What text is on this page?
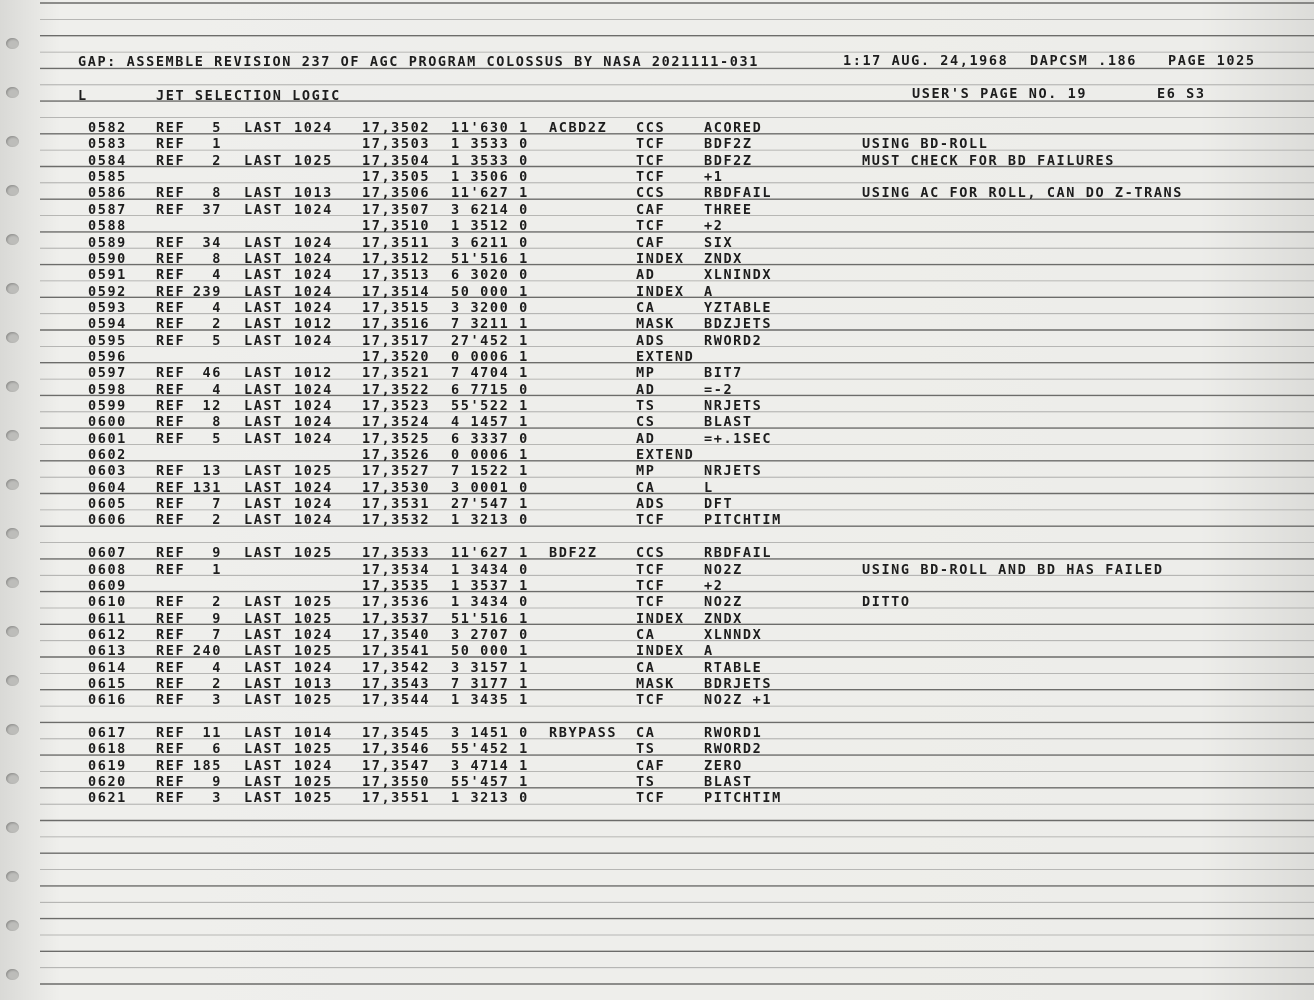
GAP: ASSEMBLE REVISION 237 OF AGC PROGRAM COLOSSUS BY NASA 2021111-031	1:17 AUG. 24,1968 DAPCSM .186 PAGE 1025
L	JET SELECTION LOGIC	USER'S PAGE NO. 19	E6 S3
0582 REF	5 LAST 1024 17,3502 11'630 1 ACBD2Z CCS	ACORED
0583 REF	1	17,3503 1 3533 0	TCF	BDF2Z	USING BD-ROLL
0584 REF	2 LAST 1025 17,3504 1 3533 0	TCF	BDF2Z	MUST CHECK FOR BD FAILURES
0585	17,3505 1 3506 0	TCF	+1
0586 REF	8 LAST 1013 17,3506 11'627 1	CCS	RBDFAIL	USING AC FOR ROLL, CAN DO Z-TRANS
0587 REF	37 LAST 1024 17,3507 3 6214 0	CAF	THREE
0588	17,3510 1 3512 0	TCF	+2
0589 REF	34 LAST 1024 17,3511 3 6211 0	CAF	SIX
0590 REF	8 LAST 1024 17,3512 51'516 1	INDEX ZNDX
0591 REF	4 LAST 1024 17,3513 6 3020 0	AD	XLNINDX
0592 REF 239 LAST 1024 17,3514 50 000 1	INDEX A
0593 REF	4 LAST 1024 17,3515 3 3200 0	CA	YZTABLE
0594 REF	2 LAST 1012 17,3516 7 3211 1	MASK BDZJETS
0595 REF	5 LAST 1024 17,3517 27'452 1	ADS	RWORD2
0596	17,3520 0 0006 1	EXTEND
0597 REF	46 LAST 1012 17,3521 7 4704 1	MP	BIT7
0598 REF	4 LAST 1024 17,3522 6 7715 0	AD	=-2
0599 REF	12 LAST 1024 17,3523 55'522 1	TS	NRJETS
0600 REF	8 LAST 1024 17,3524 4 1457 1	CS	BLAST
0601 REF	5 LAST 1024 17,3525 6 3337 0	AD	=+.1SEC
0602	17,3526 0 0006 1	EXTEND
0603 REF	13 LAST 1025 17,3527 7 1522 1	MP	NRJETS
0604 REF 131 LAST 1024 17,3530 3 0001 0	CA	L
0605 REF	7 LAST 1024 17,3531 27'547 1	ADS	DFT
0606 REF	2 LAST 1024 17,3532 1 3213 0	TCF	PITCHTIM
0607 REF	9 LAST 1025 17,3533 11'627 1 BDF2Z	CCS	RBDFAIL
0608 REF	1	17,3534 1 3434 0	TCF	NO2Z	USING BD-ROLL AND BD HAS FAILED
0609	17,3535 1 3537 1	TCF	+2
0610 REF	2 LAST 1025 17,3536 1 3434 0	TCF	NO2Z	DITTO
0611 REF	9 LAST 1025 17,3537 51'516 1	INDEX ZNDX
0612 REF	7 LAST 1024 17,3540 3 2707 0	CA	XLNNDX
0613 REF 240 LAST 1025 17,3541 50 000 1	INDEX A
0614 REF	4 LAST 1024 17,3542 3 3157 1	CA	RTABLE
0615 REF	2 LAST 1013 17,3543 7 3177 1	MASK BDRJETS
0616 REF	3 LAST 1025 17,3544 1 3435 1	TCF	NO2Z +1
0617 REF	11 LAST 1014 17,3545 3 1451 0 RBYPASS CA	RWORD1
0618 REF	6 LAST 1025 17,3546 55'452 1	TS	RWORD2
0619 REF 185 LAST 1024 17,3547 3 4714 1	CAF	ZERO
0620 REF	9 LAST 1025 17,3550 55'457 1	TS	BLAST
0621 REF	3 LAST 1025 17,3551 1 3213 0	TCF	PITCHTIM
